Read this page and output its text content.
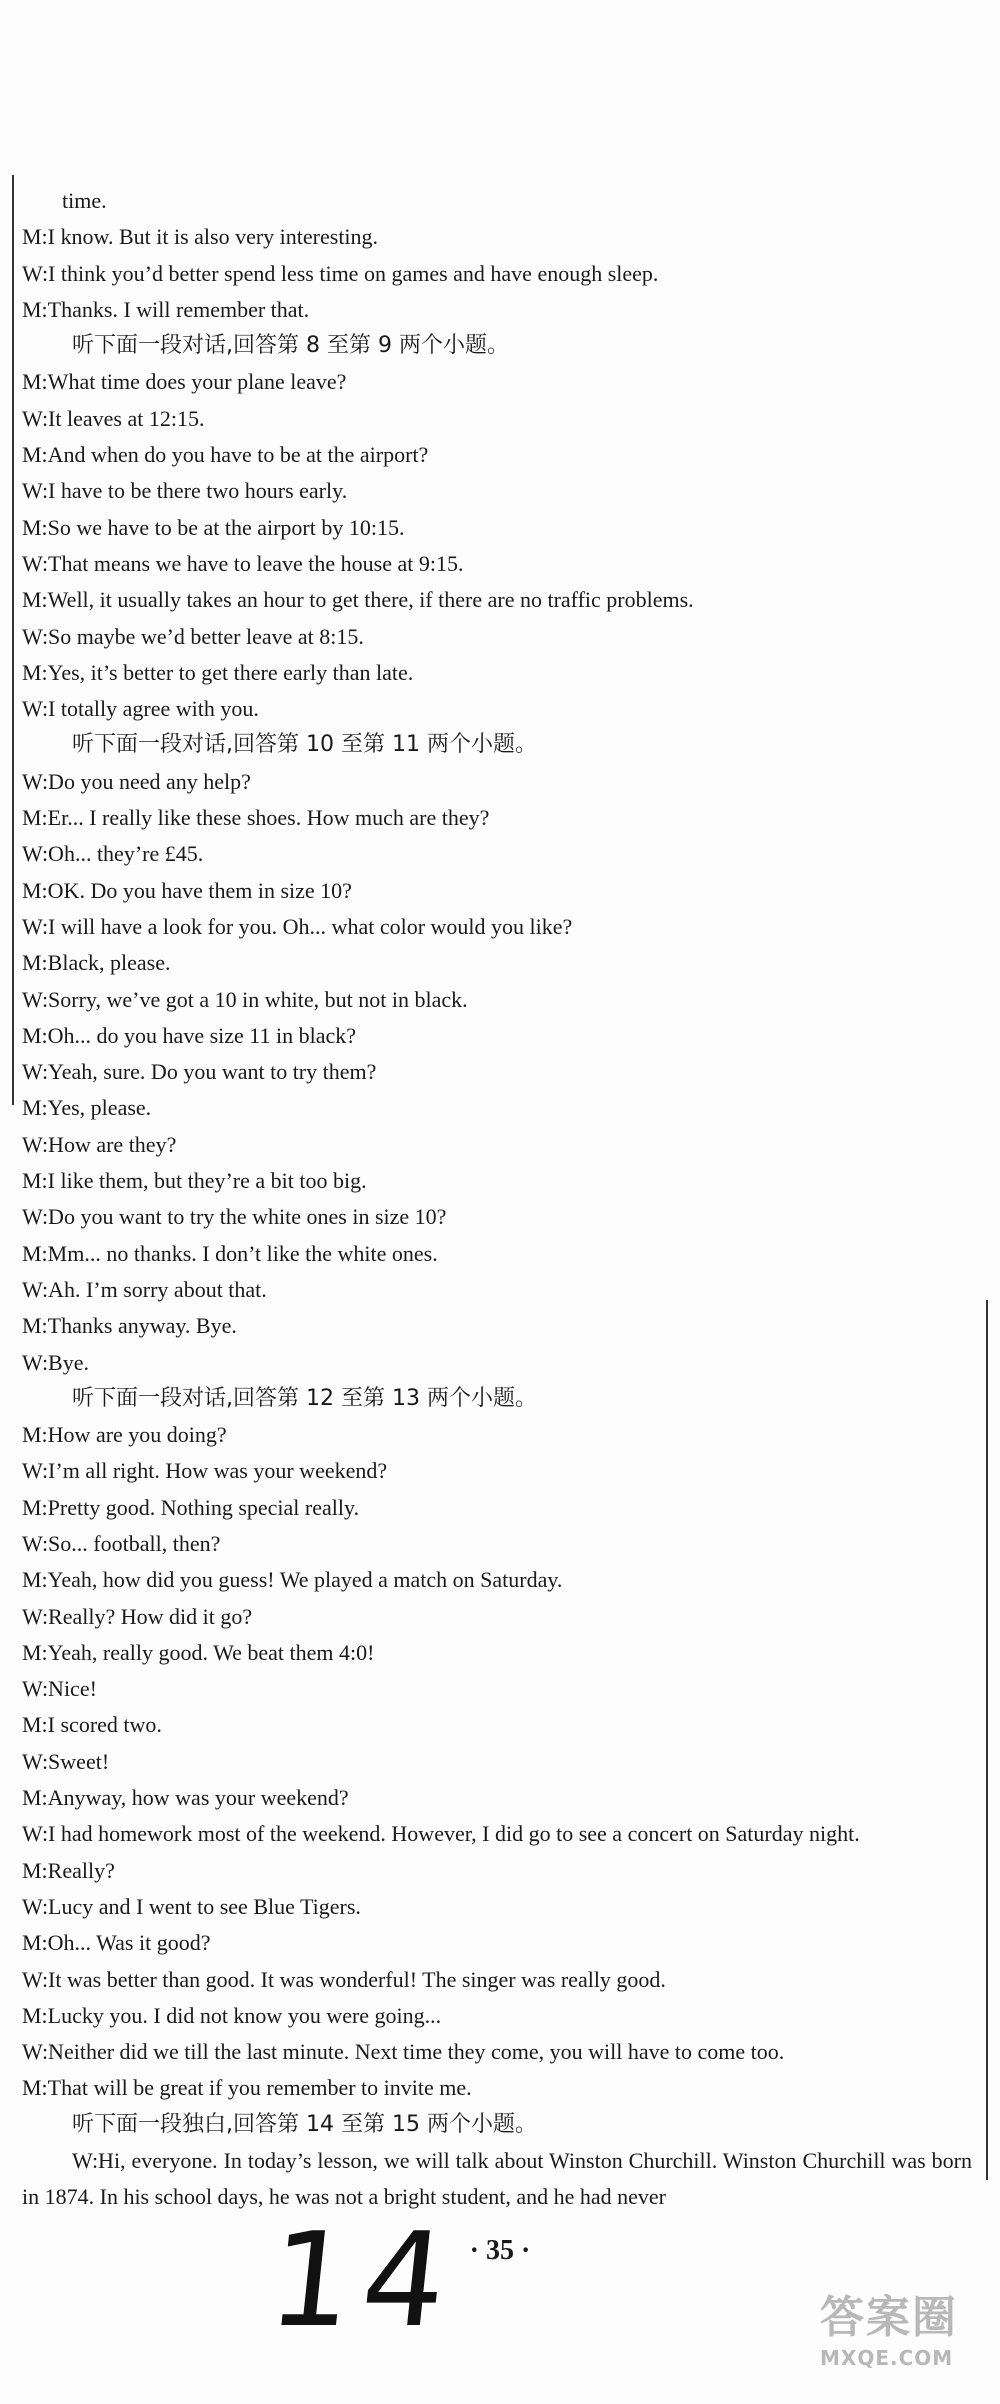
time.
M:I know. But it is also very interesting.
W:I think you’d better spend less time on games and have enough sleep.
M:Thanks. I will remember that.
听下面一段对话,回答第 8 至第 9 两个小题。
M:What time does your plane leave?
W:It leaves at 12:15.
M:And when do you have to be at the airport?
W:I have to be there two hours early.
M:So we have to be at the airport by 10:15.
W:That means we have to leave the house at 9:15.
M:Well, it usually takes an hour to get there, if there are no traffic problems.
W:So maybe we’d better leave at 8:15.
M:Yes, it’s better to get there early than late.
W:I totally agree with you.
听下面一段对话,回答第 10 至第 11 两个小题。
W:Do you need any help?
M:Er... I really like these shoes. How much are they?
W:Oh... they’re £45.
M:OK. Do you have them in size 10?
W:I will have a look for you. Oh... what color would you like?
M:Black, please.
W:Sorry, we’ve got a 10 in white, but not in black.
M:Oh... do you have size 11 in black?
W:Yeah, sure. Do you want to try them?
M:Yes, please.
W:How are they?
M:I like them, but they’re a bit too big.
W:Do you want to try the white ones in size 10?
M:Mm... no thanks. I don’t like the white ones.
W:Ah. I’m sorry about that.
M:Thanks anyway. Bye.
W:Bye.
听下面一段对话,回答第 12 至第 13 两个小题。
M:How are you doing?
W:I’m all right. How was your weekend?
M:Pretty good. Nothing special really.
W:So... football, then?
M:Yeah, how did you guess! We played a match on Saturday.
W:Really? How did it go?
M:Yeah, really good. We beat them 4:0!
W:Nice!
M:I scored two.
W:Sweet!
M:Anyway, how was your weekend?
W:I had homework most of the weekend. However, I did go to see a concert on Saturday night.
M:Really?
W:Lucy and I went to see Blue Tigers.
M:Oh... Was it good?
W:It was better than good. It was wonderful! The singer was really good.
M:Lucky you. I did not know you were going...
W:Neither did we till the last minute. Next time they come, you will have to come too.
M:That will be great if you remember to invite me.
听下面一段独白,回答第 14 至第 15 两个小题。
W:Hi, everyone. In today’s lesson, we will talk about Winston Churchill. Winston Churchill was born in 1874. In his school days, he was not a bright student, and he had never
· 35 ·
14	答案圈
MXQE.COM
